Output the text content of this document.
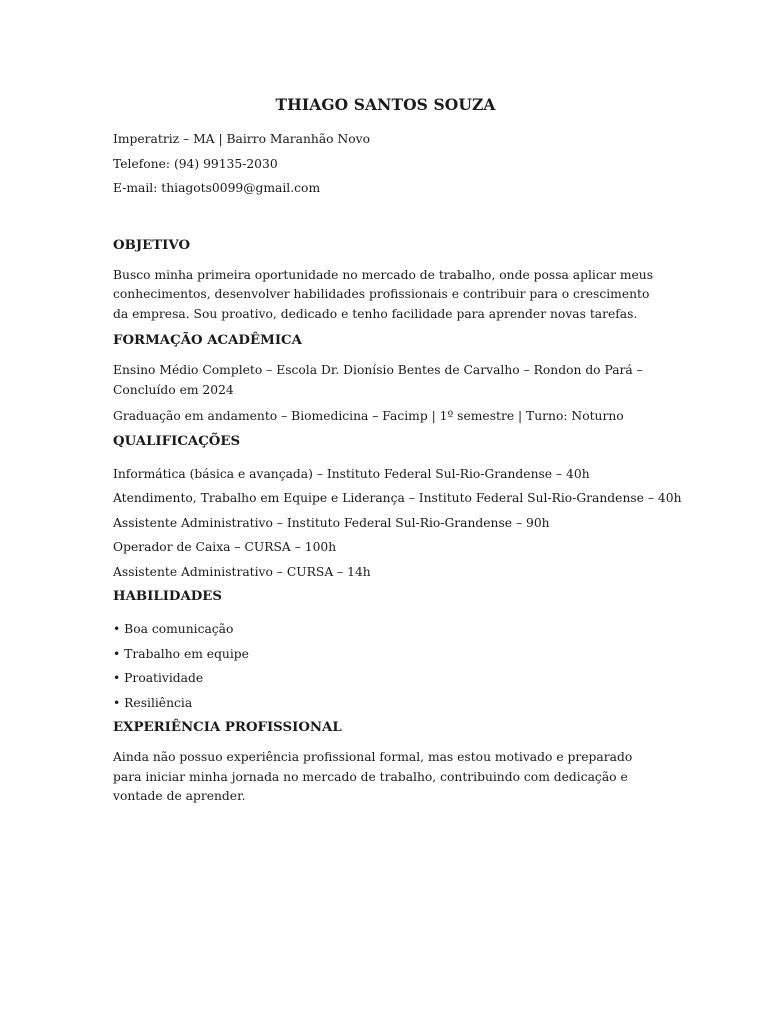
THIAGO SANTOS SOUZA
Imperatriz – MA | Bairro Maranhão Novo
Telefone: (94) 99135-2030
E-mail: thiagots0099@gmail.com
OBJETIVO
Busco minha primeira oportunidade no mercado de trabalho, onde possa aplicar meus conhecimentos, desenvolver habilidades profissionais e contribuir para o crescimento da empresa. Sou proativo, dedicado e tenho facilidade para aprender novas tarefas.
FORMAÇÃO ACADÊMICA
Ensino Médio Completo – Escola Dr. Dionísio Bentes de Carvalho – Rondon do Pará – Concluído em 2024
Graduação em andamento – Biomedicina – Facimp | 1º semestre | Turno: Noturno
QUALIFICAÇÕES
Informática (básica e avançada) – Instituto Federal Sul-Rio-Grandense – 40h
Atendimento, Trabalho em Equipe e Liderança – Instituto Federal Sul-Rio-Grandense – 40h
Assistente Administrativo – Instituto Federal Sul-Rio-Grandense – 90h
Operador de Caixa – CURSA – 100h
Assistente Administrativo – CURSA – 14h
HABILIDADES
• Boa comunicação
• Trabalho em equipe
• Proatividade
• Resiliência
EXPERIÊNCIA PROFISSIONAL
Ainda não possuo experiência profissional formal, mas estou motivado e preparado para iniciar minha jornada no mercado de trabalho, contribuindo com dedicação e vontade de aprender.
